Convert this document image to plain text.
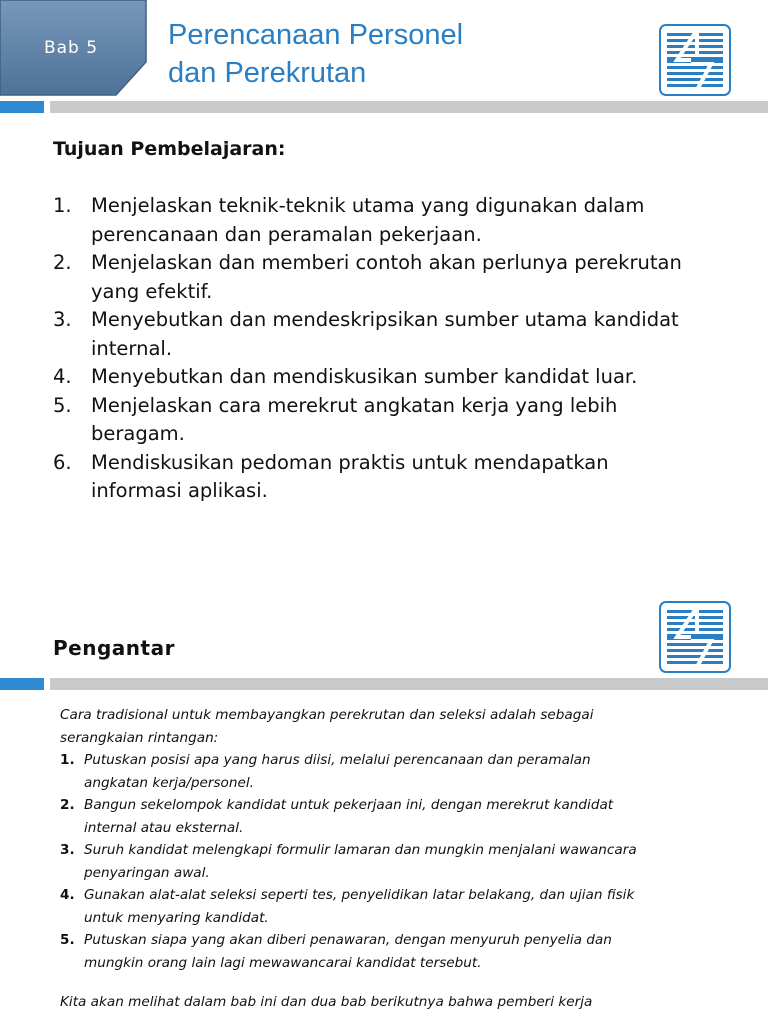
Bab 5	Perencanaan Personel
dan Perekrutan
Tujuan Pembelajaran:
1. Menjelaskan teknik-teknik utama yang digunakan dalam
perencanaan dan peramalan pekerjaan.
2. Menjelaskan dan memberi contoh akan perlunya perekrutan
yang efektif.
3. Menyebutkan dan mendeskripsikan sumber utama kandidat
internal.
4. Menyebutkan dan mendiskusikan sumber kandidat luar.
5. Menjelaskan cara merekrut angkatan kerja yang lebih
beragam.
6. Mendiskusikan pedoman praktis untuk mendapatkan
informasi aplikasi.
Pengantar
Cara tradisional untuk membayangkan perekrutan dan seleksi adalah sebagai
serangkaian rintangan:
1. Putuskan posisi apa yang harus diisi, melalui perencanaan dan peramalan
angkatan kerja/personel.
2. Bangun sekelompok kandidat untuk pekerjaan ini, dengan merekrut kandidat
internal atau eksternal.
3. Suruh kandidat melengkapi formulir lamaran dan mungkin menjalani wawancara
penyaringan awal.
4. Gunakan alat-alat seleksi seperti tes, penyelidikan latar belakang, dan ujian fisik
untuk menyaring kandidat.
5. Putuskan siapa yang akan diberi penawaran, dengan menyuruh penyelia dan
mungkin orang lain lagi mewawancarai kandidat tersebut.
Kita akan melihat dalam bab ini dan dua bab berikutnya bahwa pemberi kerja
